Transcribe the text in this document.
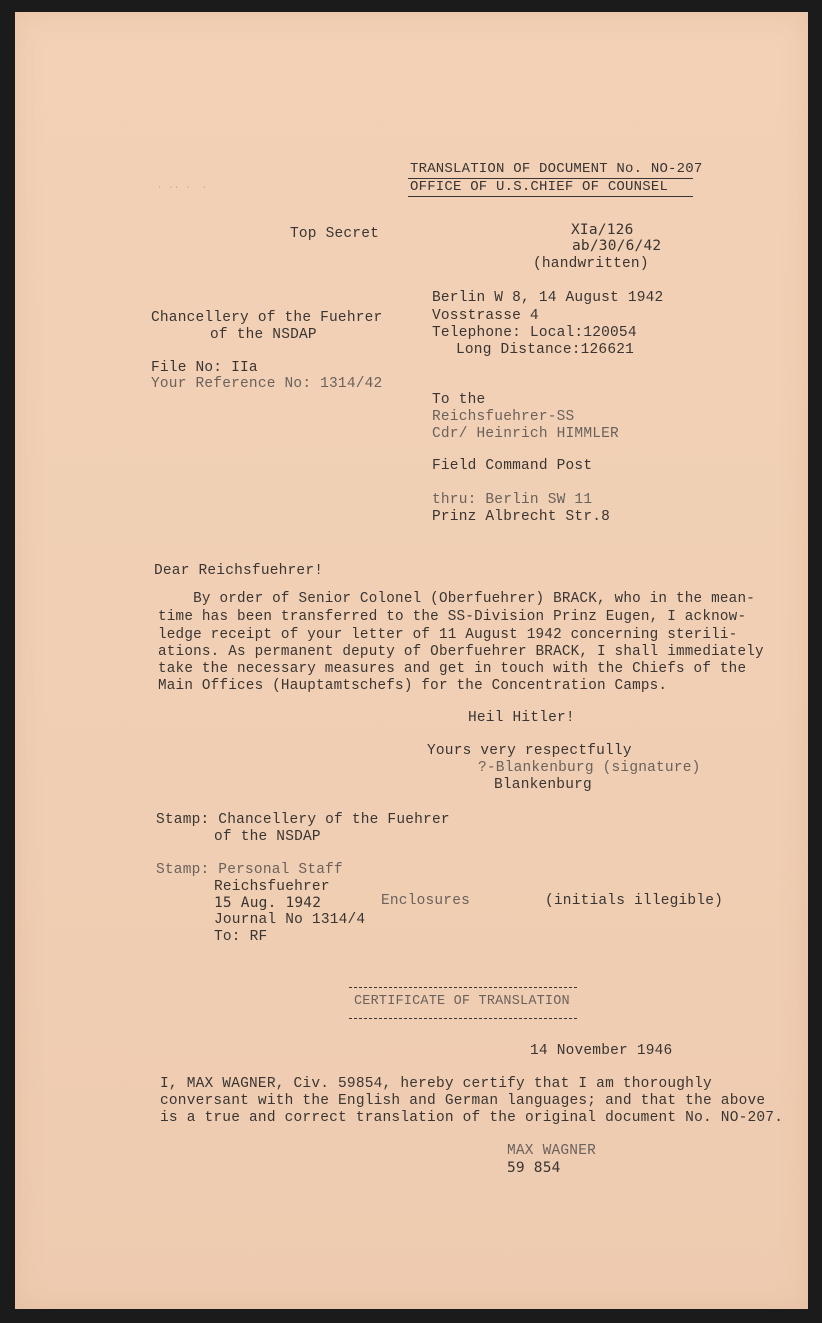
· ·· ·  ·
TRANSLATION OF DOCUMENT No. NO-207
OFFICE OF U.S.CHIEF OF COUNSEL
Top Secret	XIa/126
ab/30/6/42
(handwritten)
Chancellery of the Fuehrer
of the NSDAP
File No: IIa
Your Reference No: 1314/42
Berlin W 8, 14 August 1942
Vosstrasse 4
Telephone: Local:120054
Long Distance:126621
To the
Reichsfuehrer-SS
Cdr/ Heinrich HIMMLER
Field Command Post
thru: Berlin SW 11
Prinz Albrecht Str.8
Dear Reichsfuehrer!
By order of Senior Colonel (Oberfuehrer) BRACK, who in the mean-
time has been transferred to the SS-Division Prinz Eugen, I acknow-
ledge receipt of your letter of 11 August 1942 concerning sterili-
ations. As permanent deputy of Oberfuehrer BRACK, I shall immediately
take the necessary measures and get in touch with the Chiefs of the
Main Offices (Hauptamtschefs) for the Concentration Camps.
Heil Hitler!
Yours very respectfully
?-Blankenburg (signature)
Blankenburg
Stamp: Chancellery of the Fuehrer
of the NSDAP
Stamp: Personal Staff
Reichsfuehrer
15 Aug. 1942
Journal No 1314/4
To: RF
Enclosures	(initials illegible)
CERTIFICATE OF TRANSLATION
14 November 1946
I, MAX WAGNER, Civ. 59854, hereby certify that I am thoroughly
conversant with the English and German languages; and that the above
is a true and correct translation of the original document No. NO-207.
MAX WAGNER
59 854
